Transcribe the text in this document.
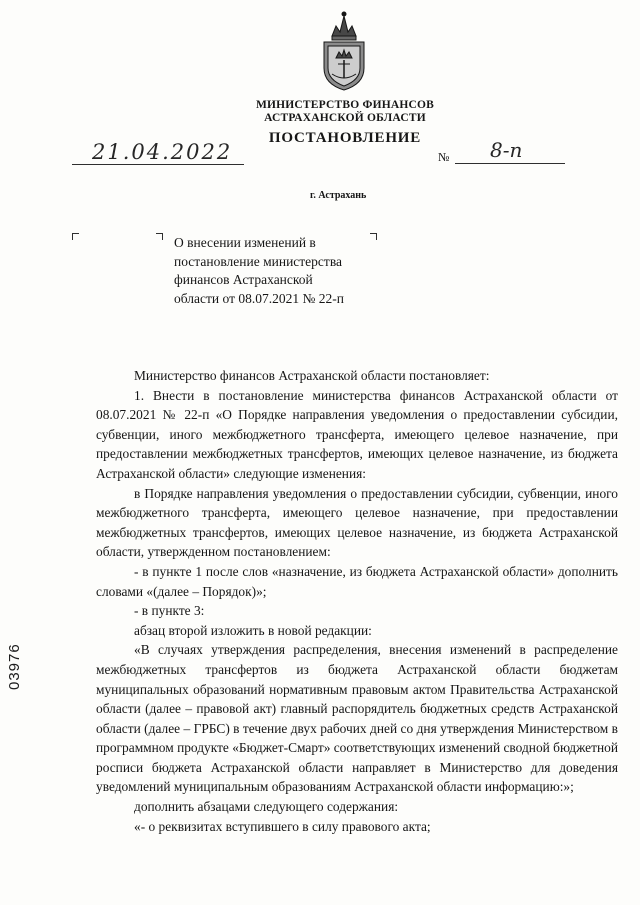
МИНИСТЕРСТВО ФИНАНСОВ
АСТРАХАНСКОЙ ОБЛАСТИ
ПОСТАНОВЛЕНИЕ
21.04.2022	№ 8-п
г. Астрахань
О внесении изменений в
постановление министерства
финансов Астраханской
области от 08.07.2021 № 22-п

Министерство финансов Астраханской области постановляет:

1. Внести в постановление министерства финансов Астраханской области от 08.07.2021 № 22-п «О Порядке направления уведомления о предоставлении субсидии, субвенции, иного межбюджетного трансферта, имеющего целевое назначение, при предоставлении межбюджетных трансфертов, имеющих целевое назначение, из бюджета Астраханской области» следующие изменения:

в Порядке направления уведомления о предоставлении субсидии, субвенции, иного межбюджетного трансферта, имеющего целевое назначение, при предоставлении межбюджетных трансфертов, имеющих целевое назначение, из бюджета Астраханской области, утвержденном постановлением:

- в пункте 1 после слов «назначение, из бюджета Астраханской области» дополнить словами «(далее – Порядок)»;

- в пункте 3:

абзац второй изложить в новой редакции:

«В случаях утверждения распределения, внесения изменений в распределение межбюджетных трансфертов из бюджета Астраханской области бюджетам муниципальных образований нормативным правовым актом Правительства Астраханской области (далее – правовой акт) главный распорядитель бюджетных средств Астраханской области (далее – ГРБС) в течение двух рабочих дней со дня утверждения Министерством в программном продукте «Бюджет-Смарт» соответствующих изменений сводной бюджетной росписи бюджета Астраханской области направляет в Министерство для доведения уведомлений муниципальным образованиям Астраханской области информацию:»;

дополнить абзацами следующего содержания:

«- о реквизитах вступившего в силу правового акта;

03976
